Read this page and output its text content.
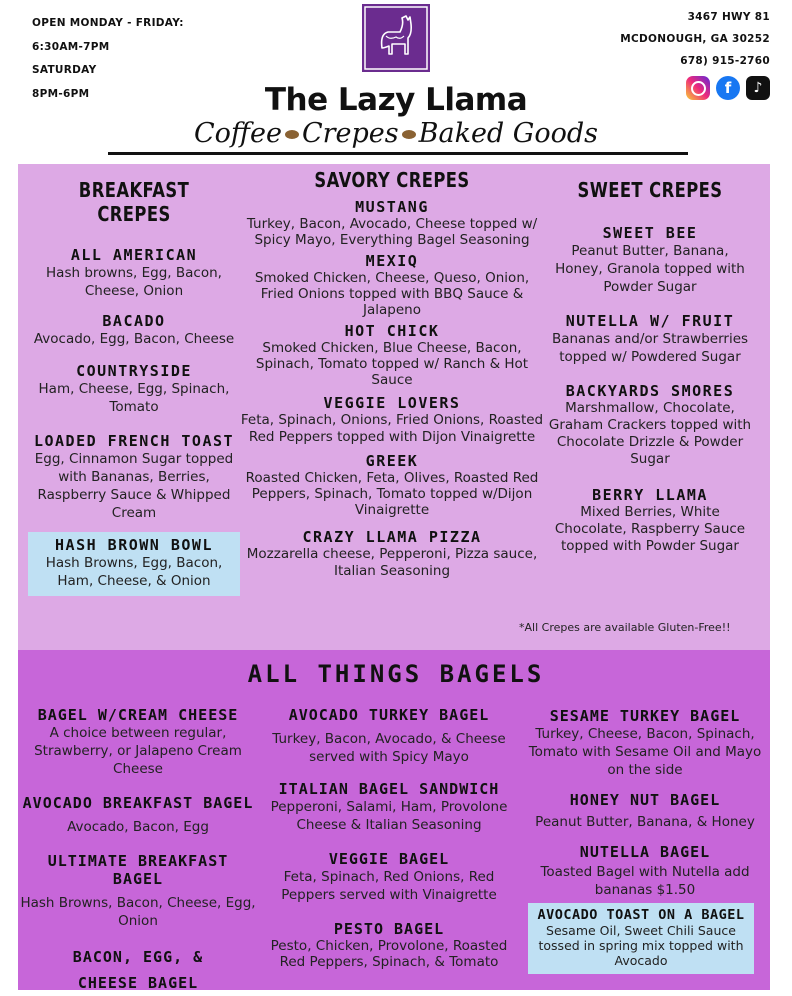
OPEN MONDAY - FRIDAY:
6:30AM-7PM
SATURDAY
8PM-6PM
3467 HWY 81
MCDONOUGH, GA 30252
678) 915-2760
f	♪
The Lazy Llama
Coffee Crepes Baked Goods
BREAKFAST CREPES
ALL AMERICAN
Hash browns, Egg, Bacon, Cheese, Onion
BACADO
Avocado, Egg, Bacon, Cheese
COUNTRYSIDE
Ham, Cheese, Egg, Spinach, Tomato
LOADED FRENCH TOAST
Egg, Cinnamon Sugar topped with Bananas, Berries, Raspberry Sauce & Whipped Cream
HASH BROWN BOWL
Hash Browns, Egg, Bacon, Ham, Cheese, & Onion
SAVORY CREPES
MUSTANG
Turkey, Bacon, Avocado, Cheese topped w/ Spicy Mayo, Everything Bagel Seasoning
MEXIQ
Smoked Chicken, Cheese, Queso, Onion, Fried Onions topped with BBQ Sauce & Jalapeno
HOT CHICK
Smoked Chicken, Blue Cheese, Bacon, Spinach, Tomato topped w/ Ranch & Hot Sauce
VEGGIE LOVERS
Feta, Spinach, Onions, Fried Onions, Roasted Red Peppers topped with Dijon Vinaigrette
GREEK
Roasted Chicken, Feta, Olives, Roasted Red Peppers, Spinach, Tomato topped w/Dijon Vinaigrette
CRAZY LLAMA PIZZA
Mozzarella cheese, Pepperoni, Pizza sauce, Italian Seasoning
SWEET CREPES
SWEET BEE
Peanut Butter, Banana, Honey, Granola topped with Powder Sugar
NUTELLA W/ FRUIT
Bananas and/or Strawberries topped w/ Powdered Sugar
BACKYARDS SMORES
Marshmallow, Chocolate, Graham Crackers topped with Chocolate Drizzle & Powder Sugar
BERRY LLAMA
Mixed Berries, White Chocolate, Raspberry Sauce topped with Powder Sugar
*All Crepes are available Gluten-Free!!
ALL THINGS BAGELS
BAGEL W/CREAM CHEESE
A choice between regular, Strawberry, or Jalapeno Cream Cheese
AVOCADO BREAKFAST BAGEL
Avocado, Bacon, Egg
ULTIMATE BREAKFAST BAGEL
Hash Browns, Bacon, Cheese, Egg, Onion
BACON, EGG, & CHEESE BAGEL
AVOCADO TURKEY BAGEL
Turkey, Bacon, Avocado, & Cheese served with Spicy Mayo
ITALIAN BAGEL SANDWICH
Pepperoni, Salami, Ham, Provolone Cheese & Italian Seasoning
VEGGIE BAGEL
Feta, Spinach, Red Onions, Red Peppers served with Vinaigrette
PESTO BAGEL
Pesto, Chicken, Provolone, Roasted Red Peppers, Spinach, & Tomato
SESAME TURKEY BAGEL
Turkey, Cheese, Bacon, Spinach, Tomato with Sesame Oil and Mayo on the side
HONEY NUT BAGEL
Peanut Butter, Banana, & Honey
NUTELLA BAGEL
Toasted Bagel with Nutella add bananas $1.50
AVOCADO TOAST ON A BAGEL
Sesame Oil, Sweet Chili Sauce tossed in spring mix topped with Avocado
